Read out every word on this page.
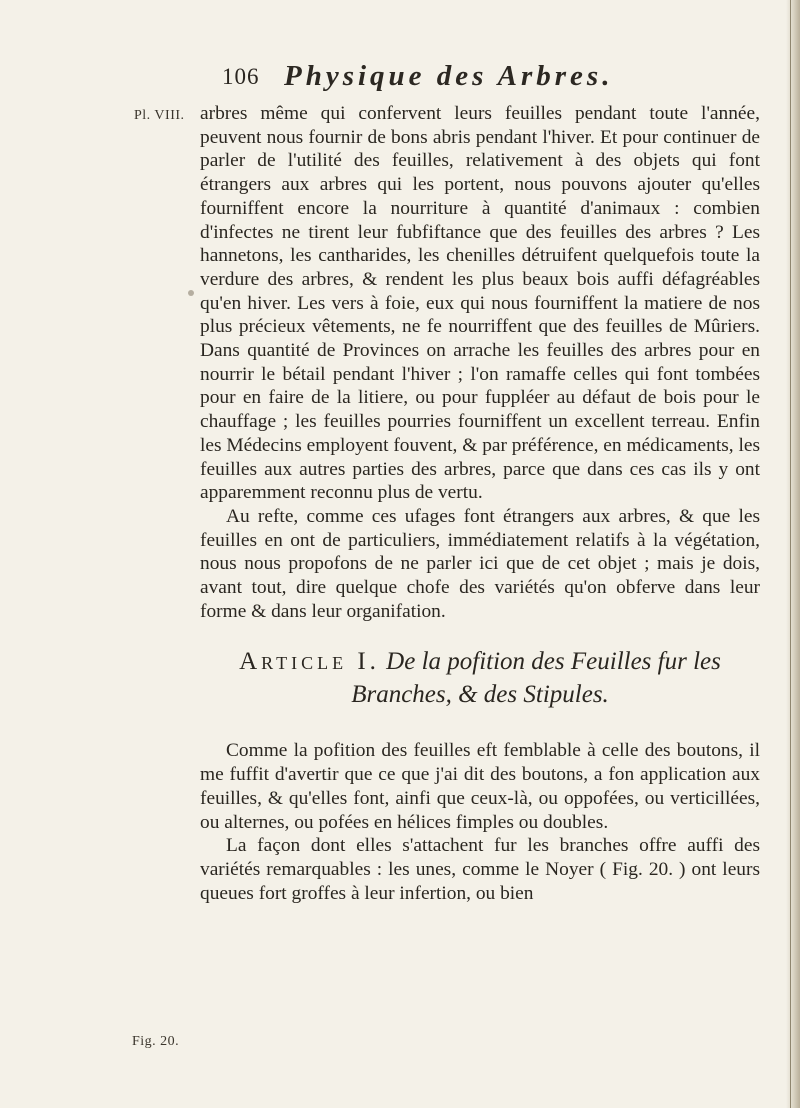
106 Physique des Arbres.
Pl. VIII.
Fig. 20.

arbres même qui confervent leurs feuilles pendant toute l'année, peuvent nous fournir de bons abris pendant l'hiver. Et pour continuer de parler de l'utilité des feuilles, relativement à des objets qui font étrangers aux arbres qui les portent, nous pouvons ajouter qu'elles fourniffent encore la nourriture à quantité d'animaux : combien d'infectes ne tirent leur fubfiftance que des feuilles des arbres ? Les hannetons, les cantharides, les chenilles détruifent quelquefois toute la verdure des arbres, & rendent les plus beaux bois auffi défagréables qu'en hiver. Les vers à foie, eux qui nous fourniffent la matiere de nos plus précieux vêtements, ne fe nourriffent que des feuilles de Mûriers. Dans quantité de Provinces on arrache les feuilles des arbres pour en nourrir le bétail pendant l'hiver ; l'on ramaffe celles qui font tombées pour en faire de la litiere, ou pour fuppléer au défaut de bois pour le chauffage ; les feuilles pourries fourniffent un excellent terreau. Enfin les Médecins employent fouvent, & par préférence, en médicaments, les feuilles aux autres parties des arbres, parce que dans ces cas ils y ont apparemment reconnu plus de vertu.

Au refte, comme ces ufages font étrangers aux arbres, & que les feuilles en ont de particuliers, immédiatement relatifs à la végétation, nous nous propofons de ne parler ici que de cet objet ; mais je dois, avant tout, dire quelque chofe des variétés qu'on obferve dans leur forme & dans leur organifation.

Article I. De la pofition des Feuilles fur les Branches, & des Stipules.

Comme la pofition des feuilles eft femblable à celle des boutons, il me fuffit d'avertir que ce que j'ai dit des boutons, a fon application aux feuilles, & qu'elles font, ainfi que ceux-là, ou oppofées, ou verticillées, ou alternes, ou pofées en hélices fimples ou doubles.

La façon dont elles s'attachent fur les branches offre auffi des variétés remarquables : les unes, comme le Noyer ( Fig. 20. ) ont leurs queues fort groffes à leur infertion, ou bien
